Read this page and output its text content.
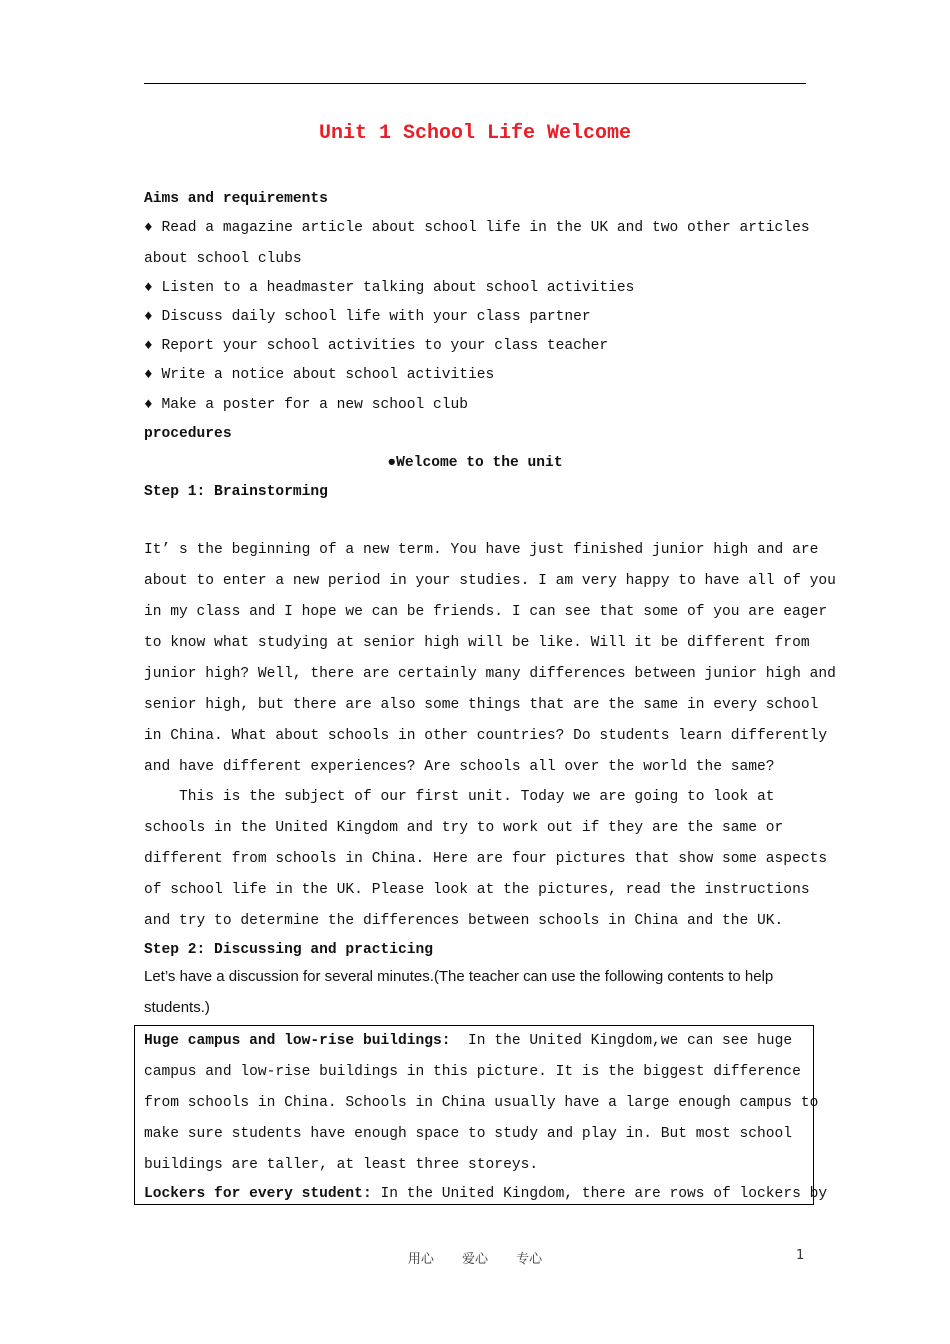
Unit 1 School Life Welcome
Aims and requirements
♦ Read a magazine article about school life in the UK and two other articles
about school clubs
♦ Listen to a headmaster talking about school activities
♦ Discuss daily school life with your class partner
♦ Report your school activities to your class teacher
♦ Write a notice about school activities
♦ Make a poster for a new school club
procedures
●Welcome to the unit
Step 1: Brainstorming
It’ s the beginning of a new term. You have just finished junior high and are
about to enter a new period in your studies. I am very happy to have all of you
in my class and I hope we can be friends. I can see that some of you are eager
to know what studying at senior high will be like. Will it be different from
junior high? Well, there are certainly many differences between junior high and
senior high, but there are also some things that are the same in every school
in China. What about schools in other countries? Do students learn differently
and have different experiences? Are schools all over the world the same?
This is the subject of our first unit. Today we are going to look at
schools in the United Kingdom and try to work out if they are the same or
different from schools in China. Here are four pictures that show some aspects
of school life in the UK. Please look at the pictures, read the instructions
and try to determine the differences between schools in China and the UK.
Step 2: Discussing and practicing
Let’s have a discussion for several minutes.(The teacher can use the following contents to help
students.)
Huge campus and low-rise buildings:  In the United Kingdom,we can see huge
campus and low-rise buildings in this picture. It is the biggest difference
from schools in China. Schools in China usually have a large enough campus to
make sure students have enough space to study and play in. But most school
buildings are taller, at least three storeys.
Lockers for every student: In the United Kingdom, there are rows of lockers by
用心 爱心 专心	1
